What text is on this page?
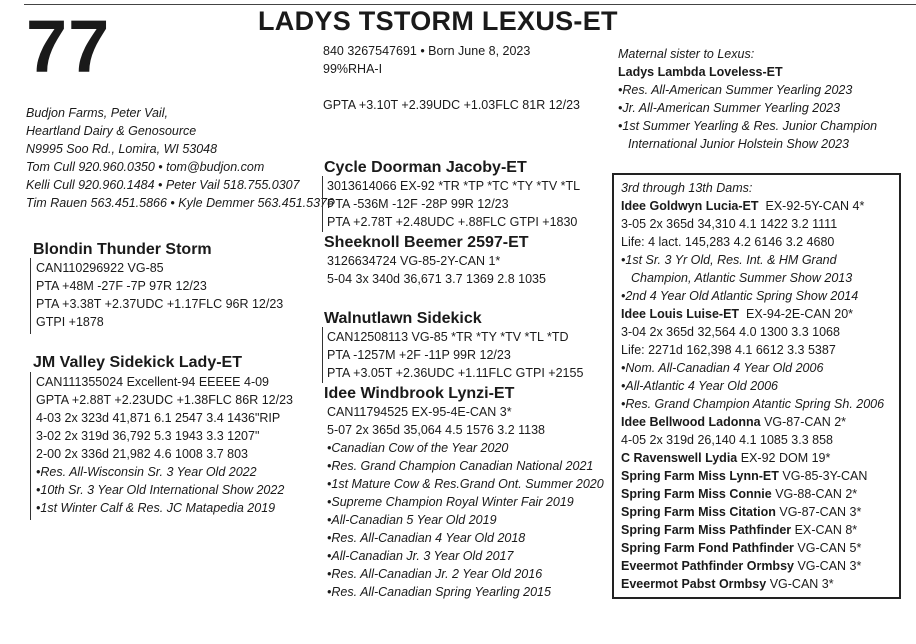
77	LADYS TSTORM LEXUS-ET
840 3267547691 • Born June 8, 2023
99%RHA-I
GPTA +3.10T +2.39UDC +1.03FLC 81R 12/23
Budjon Farms, Peter Vail,
Heartland Dairy & Genosource
N9995 Soo Rd., Lomira, WI 53048
Tom Cull 920.960.0350 • tom@budjon.com
Kelli Cull 920.960.1484 • Peter Vail 518.755.0307
Tim Rauen 563.451.5866 • Kyle Demmer 563.451.5376
Maternal sister to Lexus:
Ladys Lambda Loveless-ET
•Res. All-American Summer Yearling 2023
•Jr. All-American Summer Yearling 2023
•1st Summer Yearling & Res. Junior Champion
International Junior Holstein Show 2023
Blondin Thunder Storm
CAN110296922 VG-85
PTA +48M -27F -7P 97R 12/23
PTA +3.38T +2.37UDC +1.17FLC 96R 12/23
GTPI +1878
JM Valley Sidekick Lady-ET
CAN111355024 Excellent-94 EEEEE 4-09
GPTA +2.88T +2.23UDC +1.38FLC 86R 12/23
4-03 2x 323d 41,871 6.1 2547 3.4 1436"RIP
3-02 2x 319d 36,792 5.3 1943 3.3 1207"
2-00 2x 336d 21,982 4.6 1008 3.7 803
•Res. All-Wisconsin Sr. 3 Year Old 2022
•10th Sr. 3 Year Old International Show 2022
•1st Winter Calf & Res. JC Matapedia 2019
Cycle Doorman Jacoby-ET
3013614066 EX-92 *TR *TP *TC *TY *TV *TL
PTA -536M -12F -28P 99R 12/23
PTA +2.78T +2.48UDC +.88FLC GTPI +1830
Sheeknoll Beemer 2597-ET
3126634724 VG-85-2Y-CAN 1*
5-04 3x 340d 36,671 3.7 1369 2.8 1035
Walnutlawn Sidekick
CAN12508113 VG-85 *TR *TY *TV *TL *TD
PTA -1257M +2F -11P 99R 12/23
PTA +3.05T +2.36UDC +1.11FLC GTPI +2155
Idee Windbrook Lynzi-ET
CAN11794525 EX-95-4E-CAN 3*
5-07 2x 365d 35,064 4.5 1576 3.2 1138
•Canadian Cow of the Year 2020
•Res. Grand Champion Canadian National 2021
•1st Mature Cow & Res.Grand Ont. Summer 2020
•Supreme Champion Royal Winter Fair 2019
•All-Canadian 5 Year Old 2019
•Res. All-Canadian 4 Year Old 2018
•All-Canadian Jr. 3 Year Old 2017
•Res. All-Canadian Jr. 2 Year Old 2016
•Res. All-Canadian Spring Yearling 2015
3rd through 13th Dams:
Idee Goldwyn Lucia-ET EX-92-5Y-CAN 4*
3-05 2x 365d 34,310 4.1 1422 3.2 1111
Life: 4 lact. 145,283 4.2 6146 3.2 4680
•1st Sr. 3 Yr Old, Res. Int. & HM Grand
Champion, Atlantic Summer Show 2013
•2nd 4 Year Old Atlantic Spring Show 2014
Idee Louis Luise-ET EX-94-2E-CAN 20*
3-04 2x 365d 32,564 4.0 1300 3.3 1068
Life: 2271d 162,398 4.1 6612 3.3 5387
•Nom. All-Canadian 4 Year Old 2006
•All-Atlantic 4 Year Old 2006
•Res. Grand Champion Atantic Spring Sh. 2006
Idee Bellwood Ladonna VG-87-CAN 2*
4-05 2x 319d 26,140 4.1 1085 3.3 858
C Ravenswell Lydia EX-92 DOM 19*
Spring Farm Miss Lynn-ET VG-85-3Y-CAN
Spring Farm Miss Connie VG-88-CAN 2*
Spring Farm Miss Citation VG-87-CAN 3*
Spring Farm Miss Pathfinder EX-CAN 8*
Spring Farm Fond Pathfinder VG-CAN 5*
Eveermot Pathfinder Ormbsy VG-CAN 3*
Eveermot Pabst Ormbsy VG-CAN 3*
